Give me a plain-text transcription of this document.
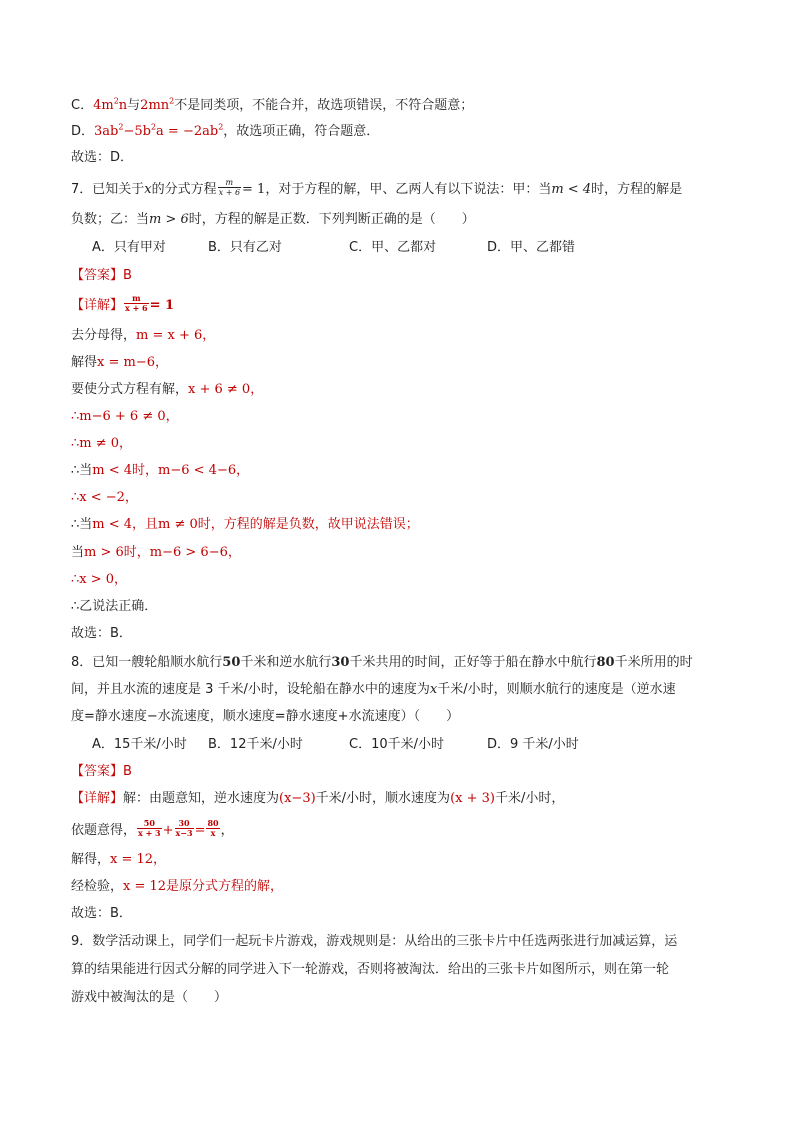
C．$4m^2n$与$2mn^2$不是同类项，不能合并，故选项错误，不符合题意；
D．$3ab^2-5b^2a = -2ab^2$，故选项正确，符合题意．
故选：D．
7．已知关于x的分式方程 $\frac{m}{x + 6} = 1$，对于方程的解，甲、乙两人有以下说法：甲：当m < 4时，方程的解是
负数；乙：当m > 6时，方程的解是正数．下列判断正确的是（　　）
A．只有甲对	B．只有乙对	C．甲、乙都对	D．甲、乙都错
【答案】B
【详解】 $\frac{m}{x + 6} = 1$
去分母得，m = x + 6，
解得x = m−6，
要使分式方程有解，x + 6 ≠ 0，
∴m−6 + 6 ≠ 0，
∴m ≠ 0，
∴当m < 4时，m−6 < 4−6，
∴x < −2，
∴当m < 4，且m ≠ 0时，方程的解是负数，故甲说法错误；
当m > 6时，m−6 > 6−6，
∴x > 0，
∴乙说法正确．
故选：B．
8．已知一艘轮船顺水航行50千米和逆水航行30千米共用的时间，正好等于船在静水中航行80千米所用的时
间，并且水流的速度是 3 千米/小时，设轮船在静水中的速度为x千米/小时，则顺水航行的速度是（逆水速
度=静水速度−水流速度，顺水速度=静水速度+水流速度）（　　）
A．15千米/小时 B．12千米/小时	C．10千米/小时	D．9 千米/小时
【答案】B
【详解】解：由题意知，逆水速度为(x−3)千米/小时，顺水速度为(x + 3)千米/小时，
依题意得， $\frac{50}{x + 3} + \frac{30}{x-3} = \frac{80}{x}$ ，
解得，x = 12，
经检验，x = 12是原分式方程的解，
故选：B．
9．数学活动课上，同学们一起玩卡片游戏，游戏规则是：从给出的三张卡片中任选两张进行加减运算，运
算的结果能进行因式分解的同学进入下一轮游戏，否则将被淘汰．给出的三张卡片如图所示，则在第一轮
游戏中被淘汰的是（　　）
